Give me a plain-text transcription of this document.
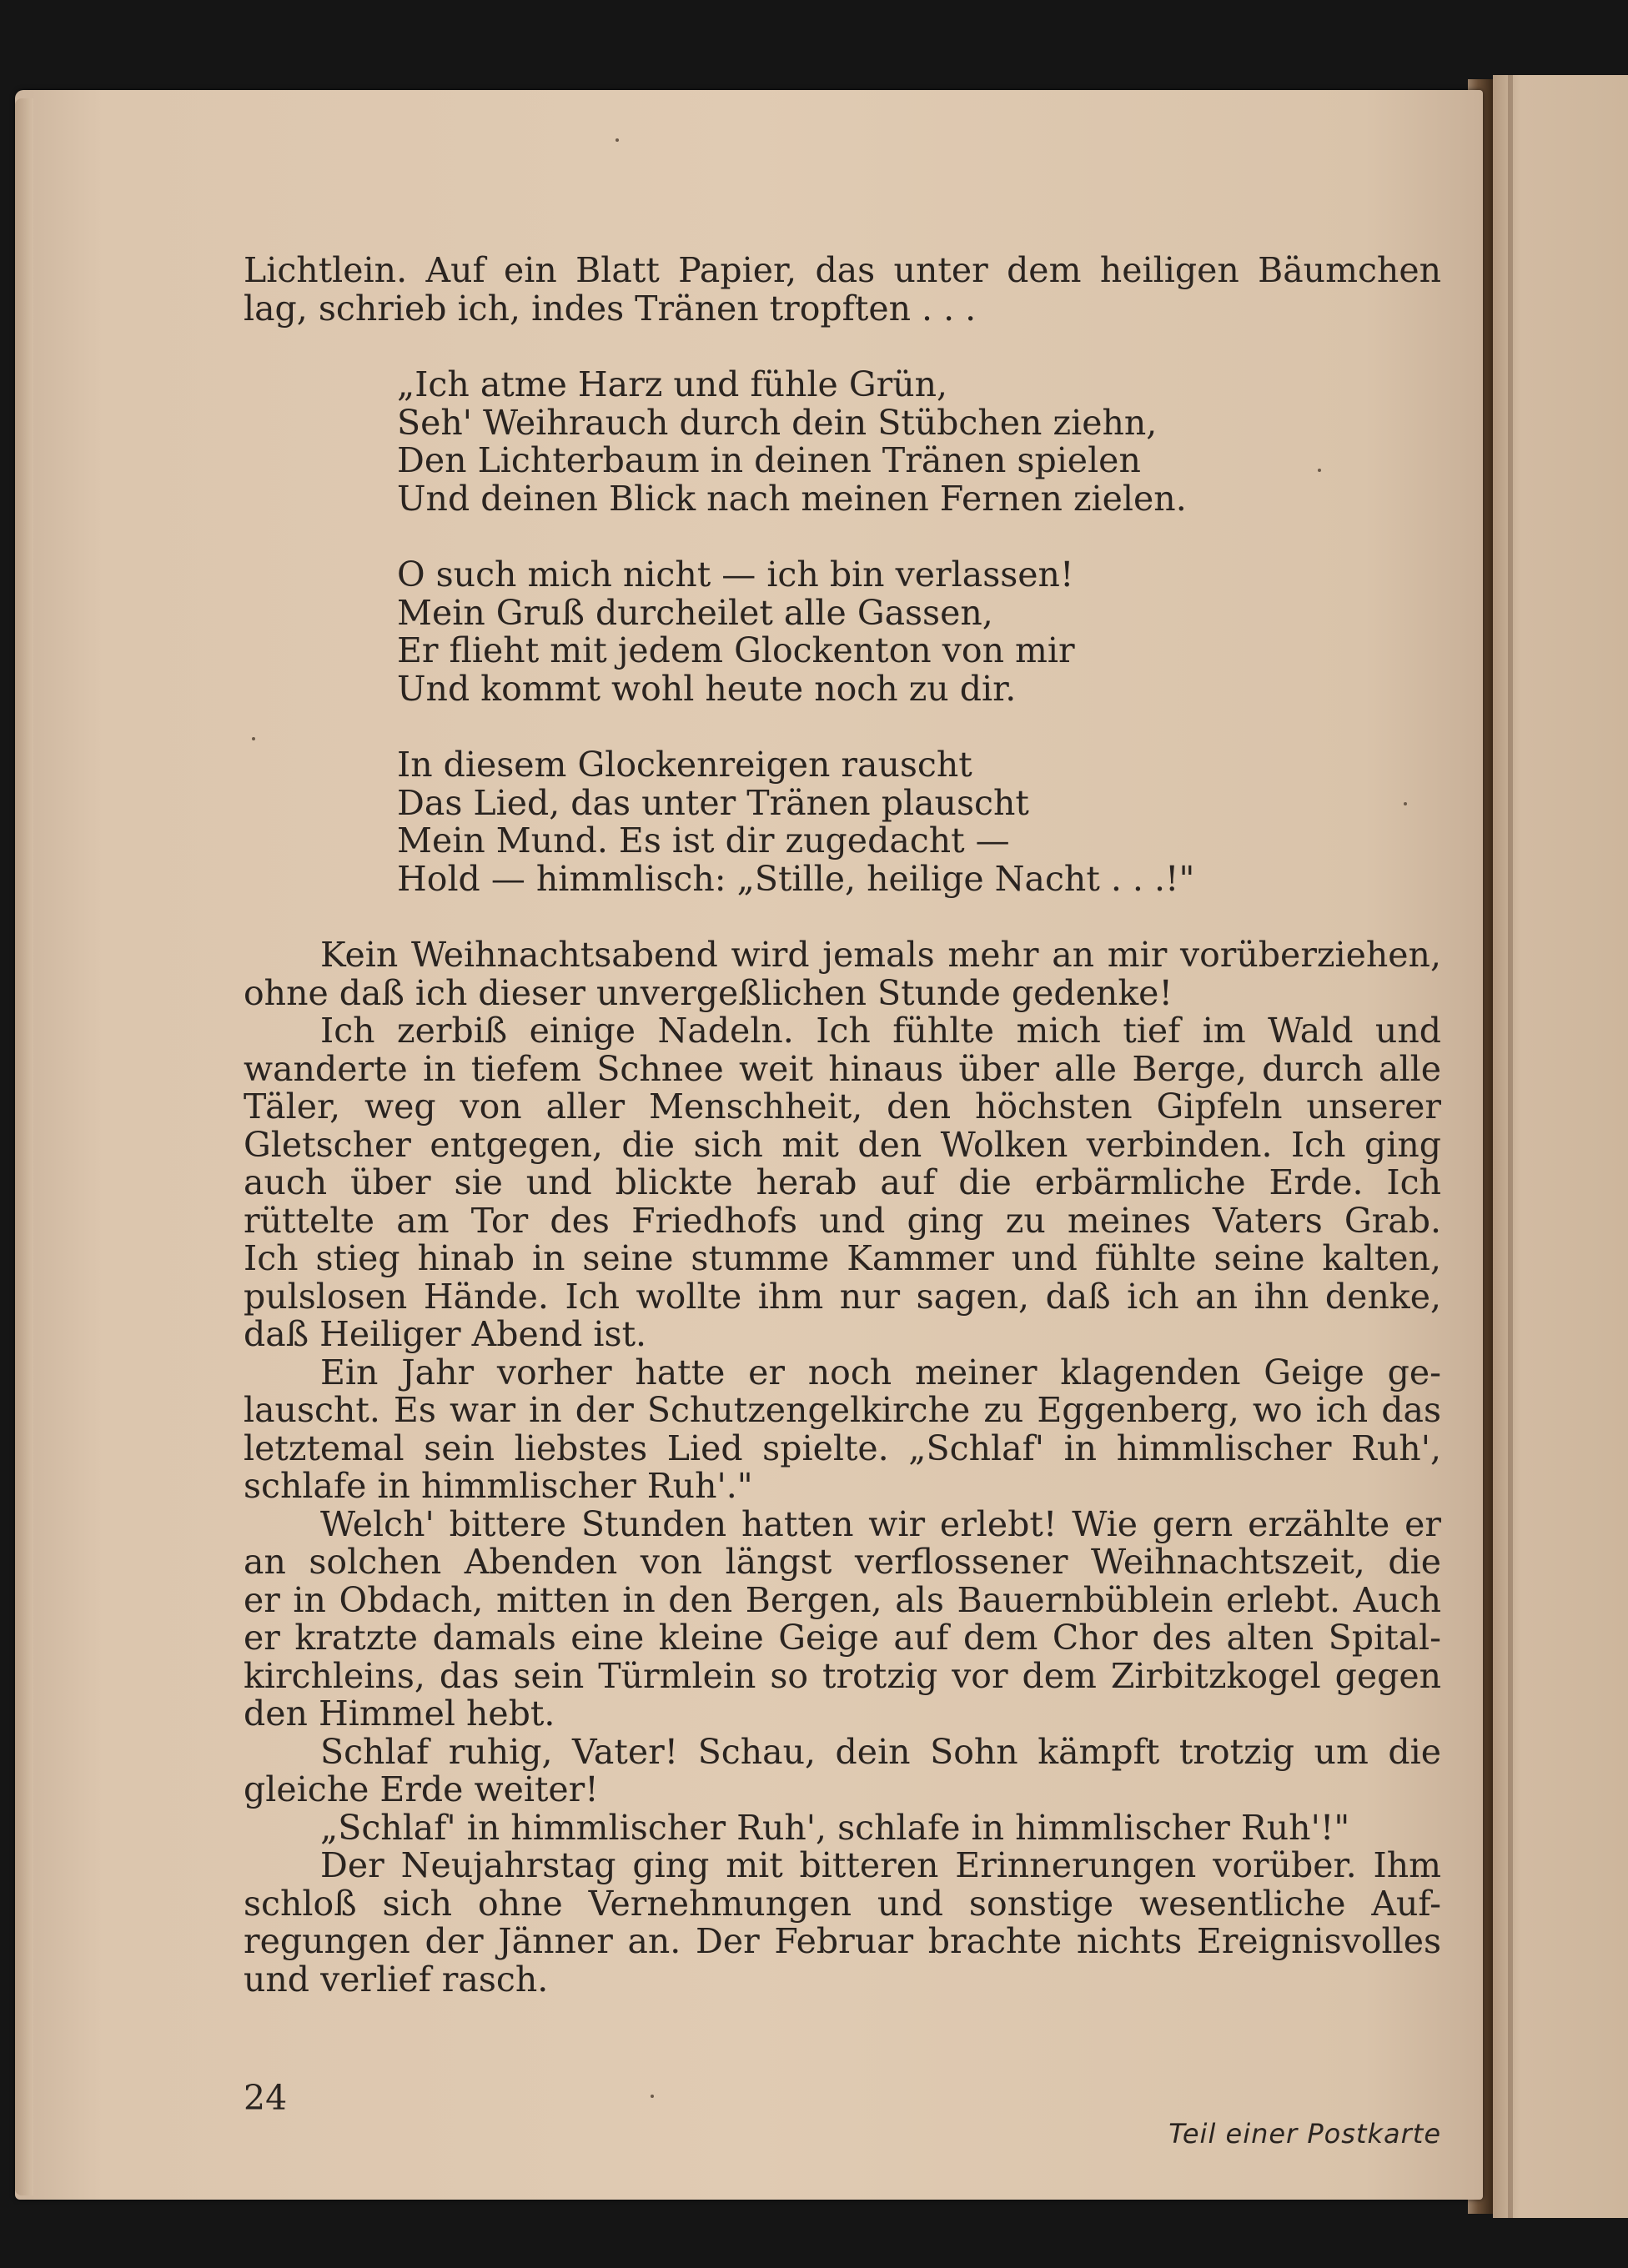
Lichtlein. Auf ein Blatt Papier, das unter dem heiligen Bäumchen
lag, schrieb ich, indes Tränen tropften . . .
„Ich atme Harz und fühle Grün,
Seh' Weihrauch durch dein Stübchen ziehn,
Den Lichterbaum in deinen Tränen spielen
Und deinen Blick nach meinen Fernen zielen.
O such mich nicht — ich bin verlassen!
Mein Gruß durcheilet alle Gassen,
Er flieht mit jedem Glockenton von mir
Und kommt wohl heute noch zu dir.
In diesem Glockenreigen rauscht
Das Lied, das unter Tränen plauscht
Mein Mund. Es ist dir zugedacht —
Hold — himmlisch: „Stille, heilige Nacht . . .!"
Kein Weihnachtsabend wird jemals mehr an mir vorüberziehen,
ohne daß ich dieser unvergeßlichen Stunde gedenke!
Ich zerbiß einige Nadeln. Ich fühlte mich tief im Wald und
wanderte in tiefem Schnee weit hinaus über alle Berge, durch alle
Täler, weg von aller Menschheit, den höchsten Gipfeln unserer
Gletscher entgegen, die sich mit den Wolken verbinden. Ich ging
auch über sie und blickte herab auf die erbärmliche Erde. Ich
rüttelte am Tor des Friedhofs und ging zu meines Vaters Grab.
Ich stieg hinab in seine stumme Kammer und fühlte seine kalten,
pulslosen Hände. Ich wollte ihm nur sagen, daß ich an ihn denke,
daß Heiliger Abend ist.
Ein Jahr vorher hatte er noch meiner klagenden Geige ge-
lauscht. Es war in der Schutzengelkirche zu Eggenberg, wo ich das
letztemal sein liebstes Lied spielte. „Schlaf' in himmlischer Ruh',
schlafe in himmlischer Ruh'."
Welch' bittere Stunden hatten wir erlebt! Wie gern erzählte er
an solchen Abenden von längst verflossener Weihnachtszeit, die
er in Obdach, mitten in den Bergen, als Bauernbüblein erlebt. Auch
er kratzte damals eine kleine Geige auf dem Chor des alten Spital-
kirchleins, das sein Türmlein so trotzig vor dem Zirbitzkogel gegen
den Himmel hebt.
Schlaf ruhig, Vater! Schau, dein Sohn kämpft trotzig um die
gleiche Erde weiter!
„Schlaf' in himmlischer Ruh', schlafe in himmlischer Ruh'!"
Der Neujahrstag ging mit bitteren Erinnerungen vorüber. Ihm
schloß sich ohne Vernehmungen und sonstige wesentliche Auf-
regungen der Jänner an. Der Februar brachte nichts Ereignisvolles
und verlief rasch.
24
Teil einer Postkarte
